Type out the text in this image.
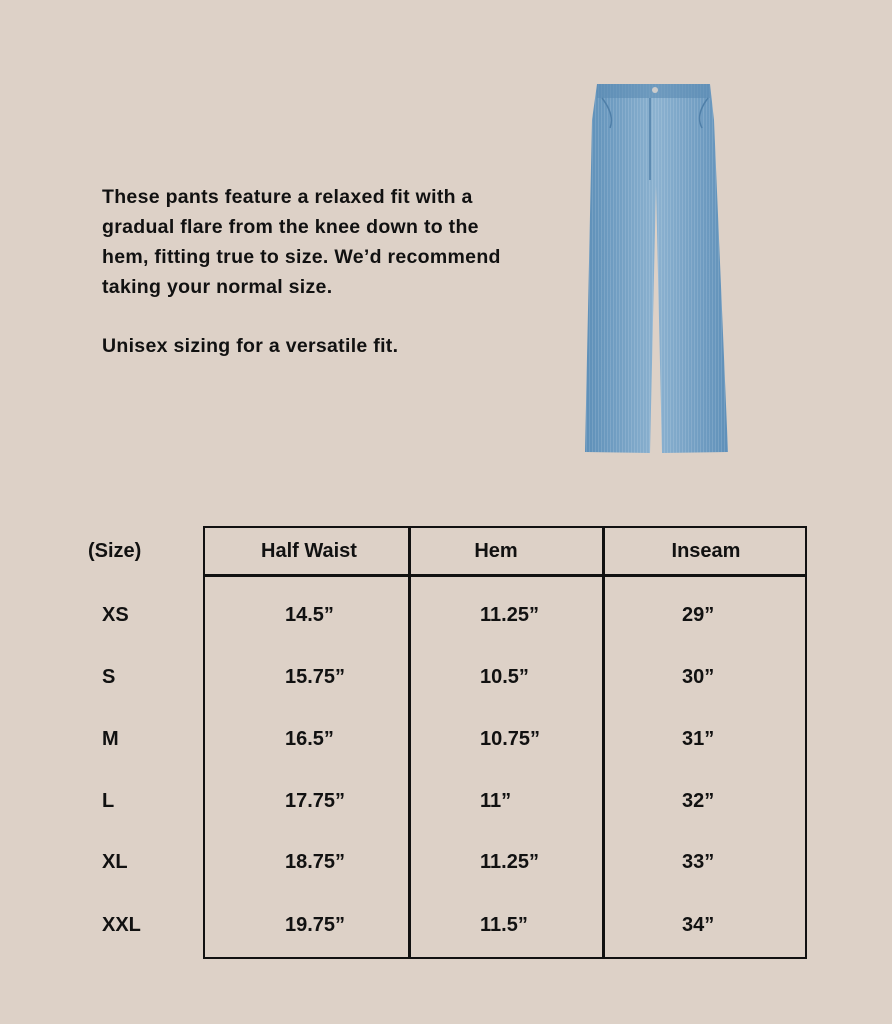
These pants feature a relaxed fit with a gradual flare from the knee down to the hem, fitting true to size. We’d recommend taking your normal size.

Unisex sizing for a versatile fit.

(Size)	Half Waist	Hem	Inseam
XS	14.5”	11.25”	29”
S	15.75”	10.5”	30”
M	16.5”	10.75”	31”
L	17.75”	11”	32”
XL	18.75”	11.25”	33”
XXL	19.75”	11.5”	34”
